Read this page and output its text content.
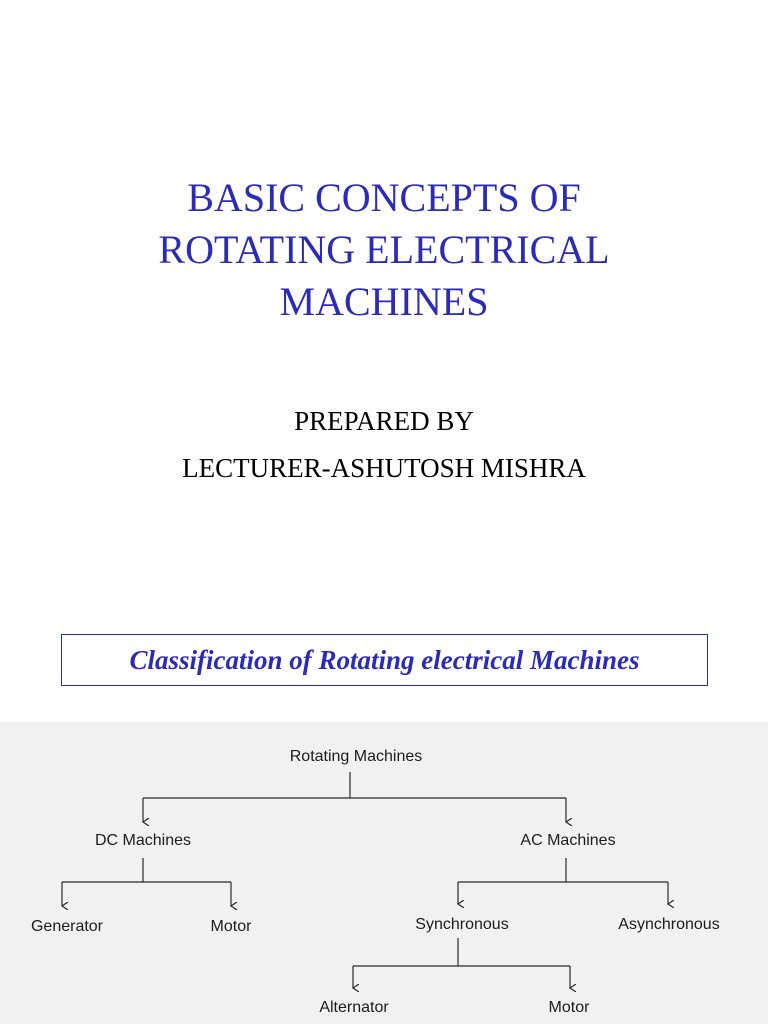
BASIC CONCEPTS OF
ROTATING ELECTRICAL
MACHINES
PREPARED BY
LECTURER-ASHUTOSH MISHRA
Classification of Rotating electrical Machines
Rotating Machines
DC Machines	AC Machines
Generator	Motor	Synchronous	Asynchronous
Alternator	Motor
